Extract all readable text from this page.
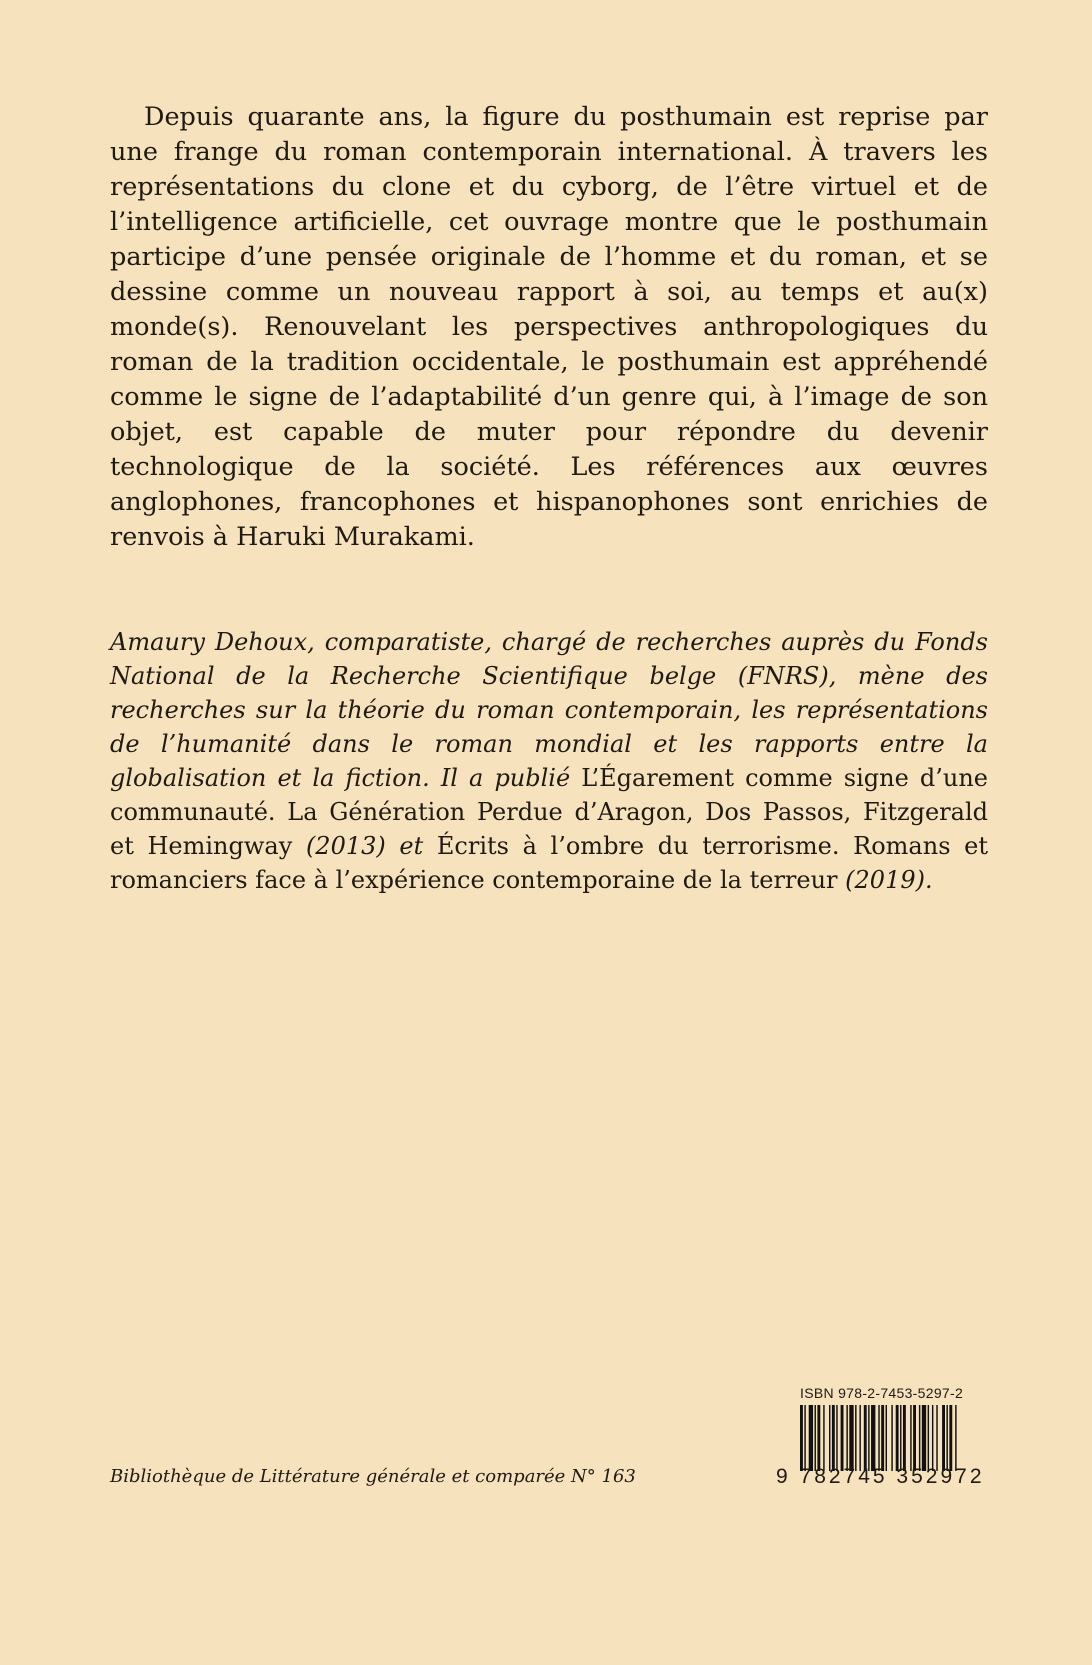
Depuis quarante ans, la figure du posthumain est reprise par une frange du roman contemporain international. À travers les représentations du clone et du cyborg, de l’être virtuel et de l’intelligence artificielle, cet ouvrage montre que le posthumain participe d’une pensée originale de l’homme et du roman, et se dessine comme un nouveau rapport à soi, au temps et au(x) monde(s). Renouvelant les perspectives anthropologiques du roman de la tradition occidentale, le posthumain est appréhendé comme le signe de l’adaptabilité d’un genre qui, à l’image de son objet, est capable de muter pour répondre du devenir technologique de la société. Les références aux œuvres anglophones, francophones et hispanophones sont enrichies de renvois à Haruki Murakami.

Amaury Dehoux, comparatiste, chargé de recherches auprès du Fonds National de la Recherche Scientifique belge (FNRS), mène des recherches sur la théorie du roman contemporain, les représentations de l’humanité dans le roman mondial et les rapports entre la globalisation et la fiction. Il a publié L’Égarement comme signe d’une communauté. La Génération Perdue d’Aragon, Dos Passos, Fitzgerald et Hemingway (2013) et Écrits à l’ombre du terrorisme. Romans et romanciers face à l’expérience contemporaine de la terreur (2019).

Bibliothèque de Littérature générale et comparée N° 163
ISBN 978-2-7453-5297-2
9 782745 352972
